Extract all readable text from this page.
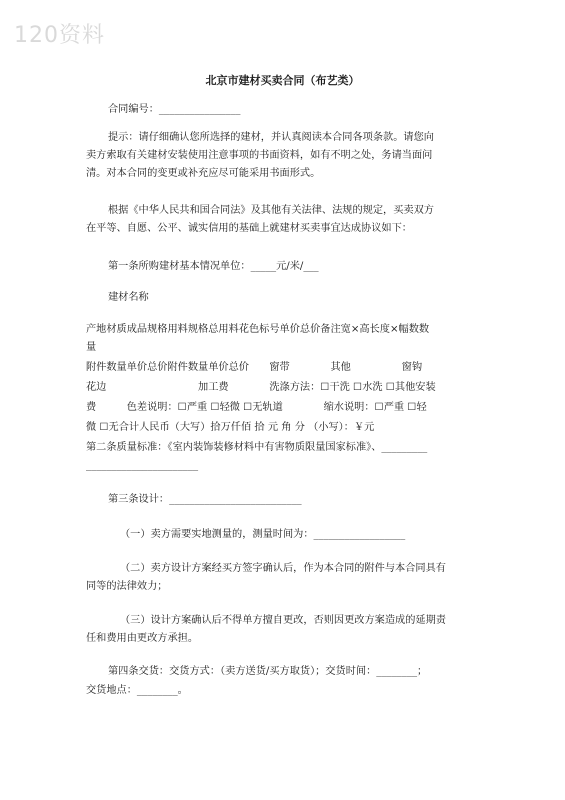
120资料
北京市建材买卖合同（布艺类）
合同编号：________________
提示：请仔细确认您所选择的建材，并认真阅读本合同各项条款。请您向
卖方索取有关建材安装使用注意事项的书面资料，如有不明之处，务请当面问
清。对本合同的变更或补充应尽可能采用书面形式。
根据《中华人民共和国合同法》及其他有关法律、法规的规定，买卖双方
在平等、自愿、公平、诚实信用的基础上就建材买卖事宜达成协议如下：
第一条所购建材基本情况单位：_____元/米/___
建材名称
产地材质成品规格用料规格总用料花色标号单价总价备注宽×高长度×幅数数
量
附件数量单价总价附件数量单价总价　　窗带　　　　其他　　　　　窗钩
花边　　　　　　　　　加工费　　　　洗涤方法：☐干洗 ☐水洗 ☐其他安装
费　　　色差说明：☐严重 ☐轻微 ☐无轨道　　　　缩水说明：☐严重 ☐轻
微 ☐无合计人民币（大写）拾万仟佰 拾 元 角 分 （小写）：￥元
第二条质量标准：《室内装饰装修材料中有害物质限量国家标准》、_________
______________________
第三条设计：__________________________
（一）卖方需要实地测量的，测量时间为：__________________
（二）卖方设计方案经买方签字确认后，作为本合同的附件与本合同具有
同等的法律效力；
（三）设计方案确认后不得单方擅自更改，否则因更改方案造成的延期责
任和费用由更改方承担。
第四条交货：交货方式：（卖方送货/买方取货）；交货时间：________；
交货地点：________。
